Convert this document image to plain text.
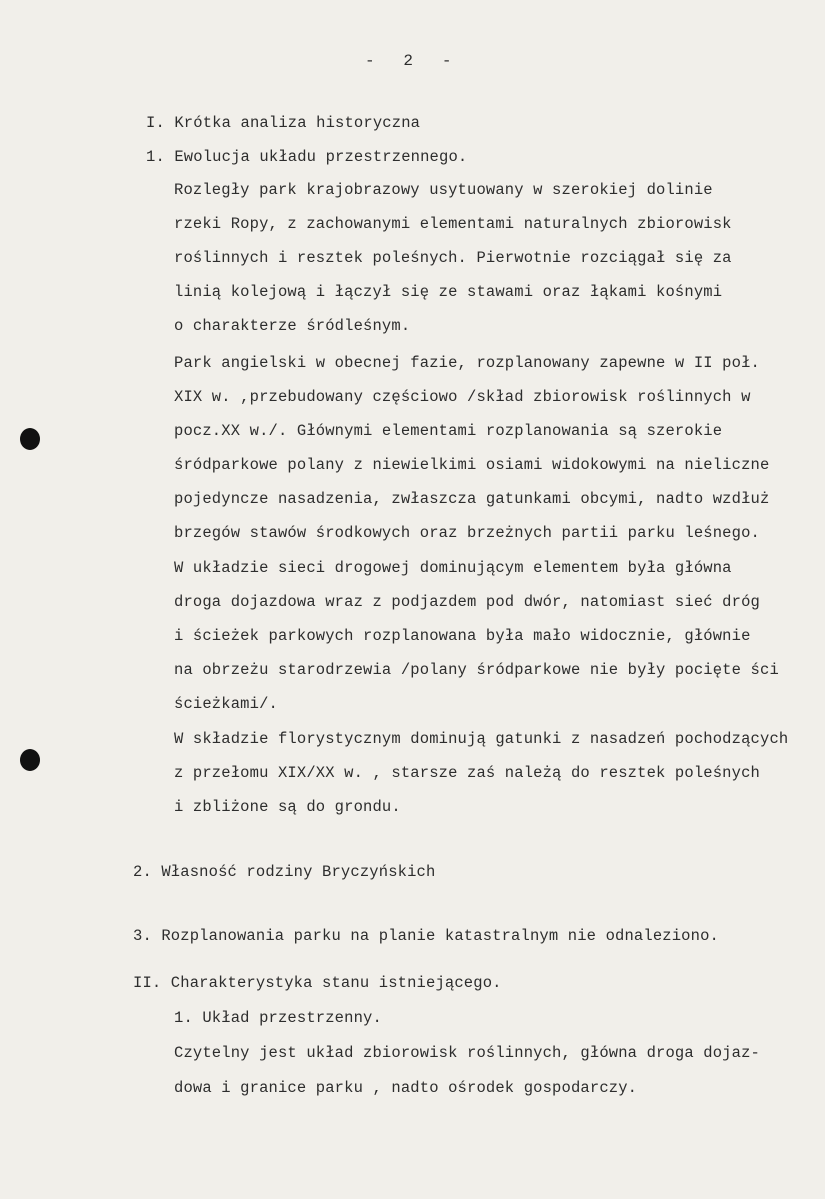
-   2   -
I. Krótka analiza historyczna
1. Ewolucja układu przestrzennego.
Rozległy park krajobrazowy usytuowany w szerokiej dolinie
rzeki Ropy, z zachowanymi elementami naturalnych zbiorowisk
roślinnych i resztek poleśnych. Pierwotnie rozciągał się za
linią kolejową i łączył się ze stawami oraz łąkami kośnymi
o charakterze śródleśnym.
Park angielski w obecnej fazie, rozplanowany zapewne w II poł.
XIX w. ,przebudowany częściowo /skład zbiorowisk roślinnych w
pocz.XX w./. Głównymi elementami rozplanowania są szerokie
śródparkowe polany z niewielkimi osiami widokowymi na nieliczne
pojedyncze nasadzenia, zwłaszcza gatunkami obcymi, nadto wzdłuż
brzegów stawów środkowych oraz brzeżnych partii parku leśnego.
W układzie sieci drogowej dominującym elementem była główna
droga dojazdowa wraz z podjazdem pod dwór, natomiast sieć dróg
i ścieżek parkowych rozplanowana była mało widocznie, głównie
na obrzeżu starodrzewia /polany śródparkowe nie były pocięte ści
ścieżkami/.
W składzie florystycznym dominują gatunki z nasadzeń pochodzących
z przełomu XIX/XX w. , starsze zaś należą do resztek poleśnych
i zbliżone są do grondu.
2. Własność rodziny Bryczyńskich
3. Rozplanowania parku na planie katastralnym nie odnaleziono.
II. Charakterystyka stanu istniejącego.
1. Układ przestrzenny.
Czytelny jest układ zbiorowisk roślinnych, główna droga dojaz-
dowa i granice parku , nadto ośrodek gospodarczy.
